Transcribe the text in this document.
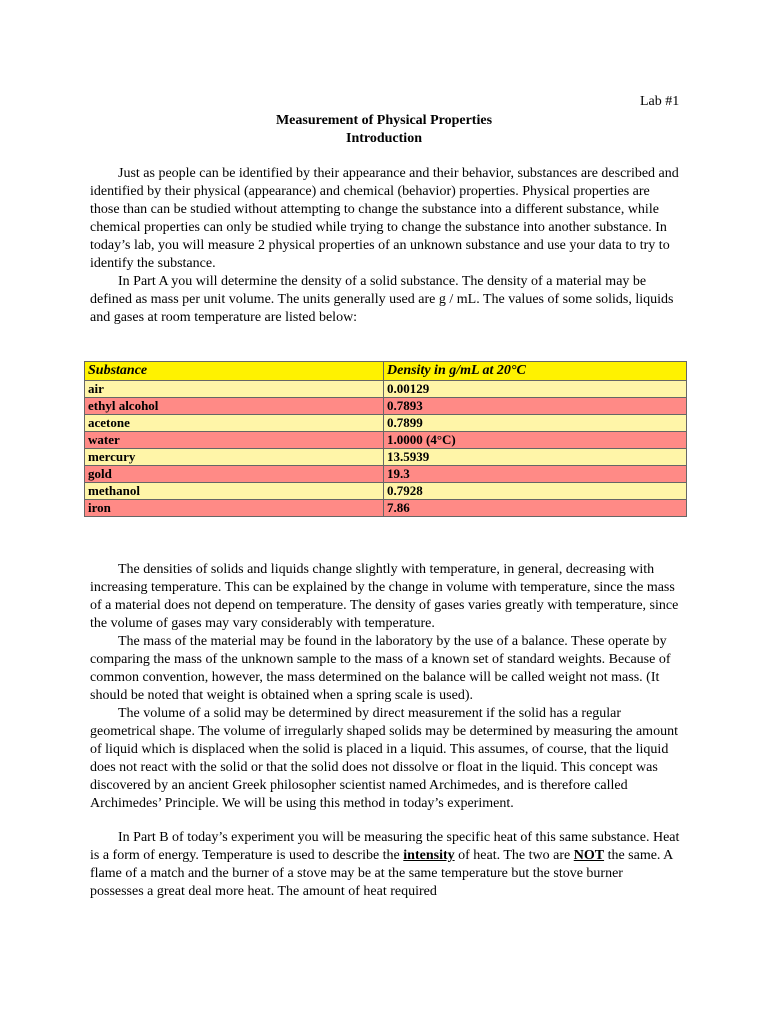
Lab #1
Measurement of Physical Properties
Introduction
Just as people can be identified by their appearance and their behavior, substances are described and identified by their physical (appearance) and chemical (behavior) properties. Physical properties are those than can be studied without attempting to change the substance into a different substance, while chemical properties can only be studied while trying to change the substance into another substance. In today’s lab, you will measure 2 physical properties of an unknown substance and use your data to try to identify the substance.
In Part A you will determine the density of a solid substance. The density of a material may be defined as mass per unit volume. The units generally used are g / mL. The values of some solids, liquids and gases at room temperature are listed below:
Substance	Density in g/mL at 20°C
air	0.00129
ethyl alcohol	0.7893
acetone	0.7899
water	1.0000 (4°C)
mercury	13.5939
gold	19.3
methanol	0.7928
iron	7.86
The densities of solids and liquids change slightly with temperature, in general, decreasing with increasing temperature. This can be explained by the change in volume with temperature, since the mass of a material does not depend on temperature. The density of gases varies greatly with temperature, since the volume of gases may vary considerably with temperature.
The mass of the material may be found in the laboratory by the use of a balance. These operate by comparing the mass of the unknown sample to the mass of a known set of standard weights. Because of common convention, however, the mass determined on the balance will be called weight not mass. (It should be noted that weight is obtained when a spring scale is used).
The volume of a solid may be determined by direct measurement if the solid has a regular geometrical shape. The volume of irregularly shaped solids may be determined by measuring the amount of liquid which is displaced when the solid is placed in a liquid. This assumes, of course, that the liquid does not react with the solid or that the solid does not dissolve or float in the liquid. This concept was discovered by an ancient Greek philosopher scientist named Archimedes, and is therefore called Archimedes’ Principle. We will be using this method in today’s experiment.
In Part B of today’s experiment you will be measuring the specific heat of this same substance. Heat is a form of energy. Temperature is used to describe the intensity of heat. The two are NOT the same. A flame of a match and the burner of a stove may be at the same temperature but the stove burner possesses a great deal more heat. The amount of heat required
